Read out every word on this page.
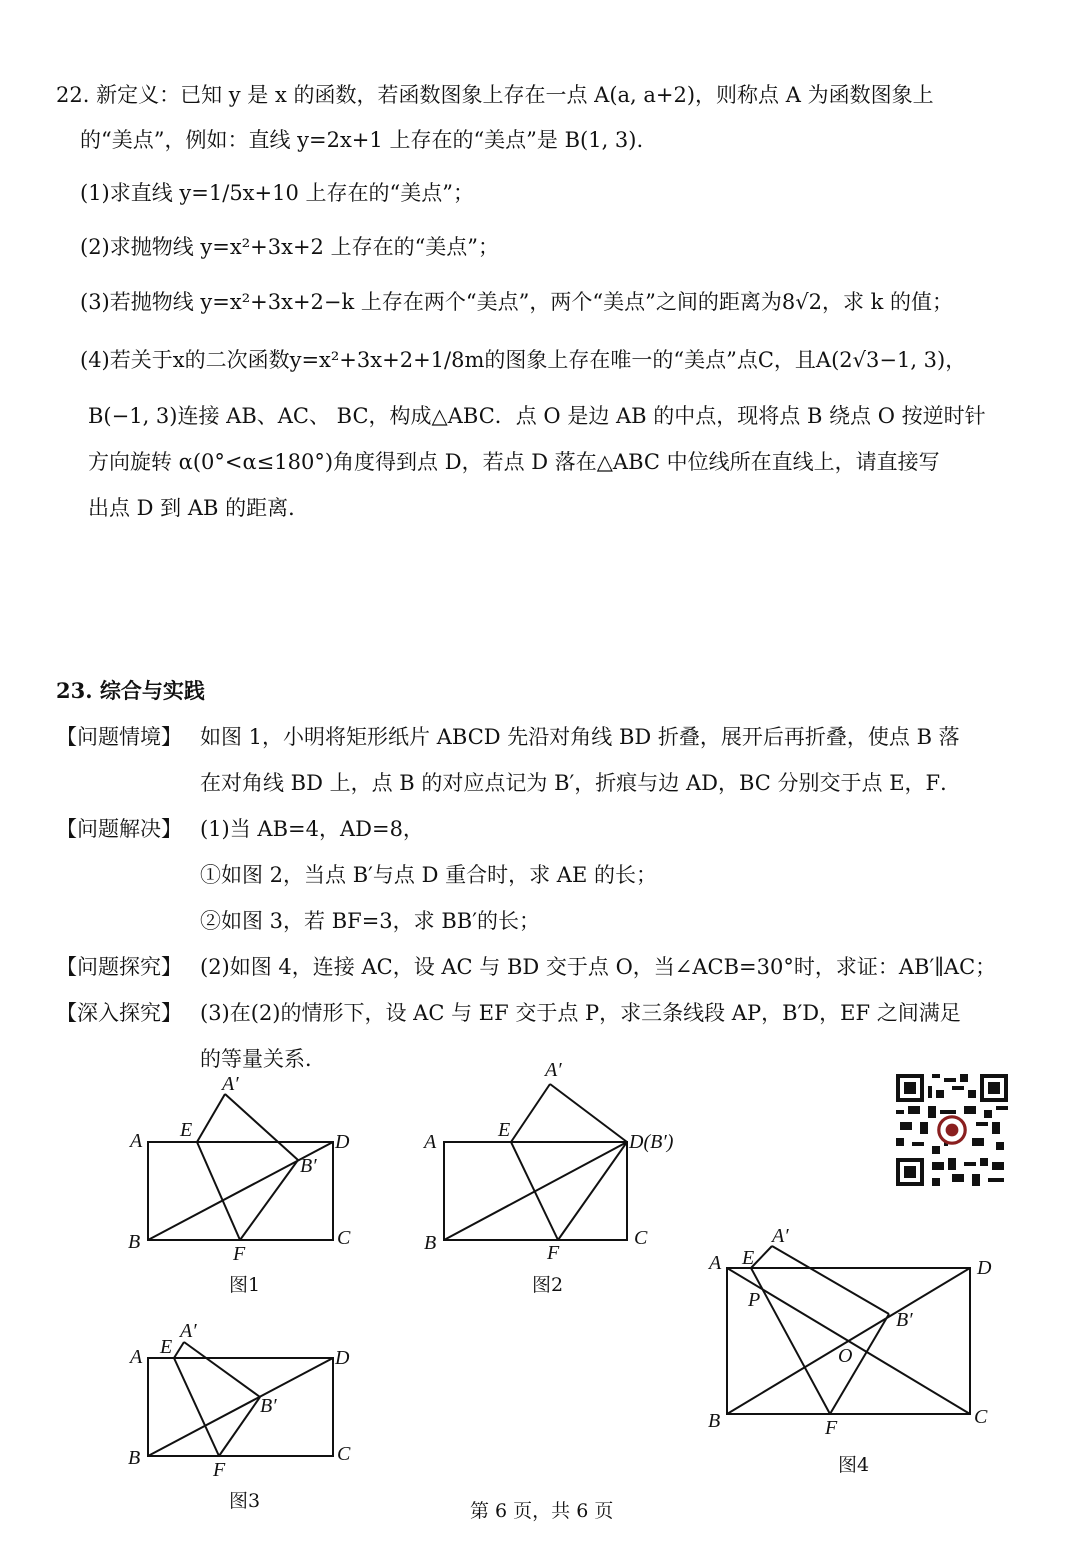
22. 新定义：已知 y 是 x 的函数，若函数图象上存在一点 A(a, a+2)，则称点 A 为函数图象上
的“美点”，例如：直线 y=2x+1 上存在的“美点”是 B(1, 3).
(1)求直线 y=1/5x+10 上存在的“美点”；
(2)求抛物线 y=x²+3x+2 上存在的“美点”；
(3)若抛物线 y=x²+3x+2−k 上存在两个“美点”，两个“美点”之间的距离为8√2，求 k 的值；
(4)若关于x的二次函数y=x²+3x+2+1/8m的图象上存在唯一的“美点”点C，且A(2√3−1, 3)，
B(−1, 3)连接 AB、AC、 BC，构成△ABC．点 O 是边 AB 的中点，现将点 B 绕点 O 按逆时针
方向旋转 α(0°<α≤180°)角度得到点 D，若点 D 落在△ABC 中位线所在直线上，请直接写
出点 D 到 AB 的距离．
23. 综合与实践
【问题情境】 如图 1，小明将矩形纸片 ABCD 先沿对角线 BD 折叠，展开后再折叠，使点 B 落
在对角线 BD 上，点 B 的对应点记为 B′，折痕与边 AD，BC 分别交于点 E，F．
【问题解决】 (1)当 AB=4，AD=8，
①如图 2，当点 B′与点 D 重合时，求 AE 的长；
②如图 3，若 BF=3，求 BB′的长；
【问题探究】 (2)如图 4，连接 AC，设 AC 与 BD 交于点 O，当∠ACB=30°时，求证：AB′∥AC；
【深入探究】 (3)在(2)的情形下，设 AC 与 EF 交于点 P，求三条线段 AP，B′D，EF 之间满足
的等量关系．
A E
A′
D
B′
B
F
C
图1
A
E
A′
D(B′)
B	F
C
图2
A E
A′
D
B′
B
F
C
图3
A E
A′
D
P
B′
O
B	F	C
图4
第 6 页，共 6 页
